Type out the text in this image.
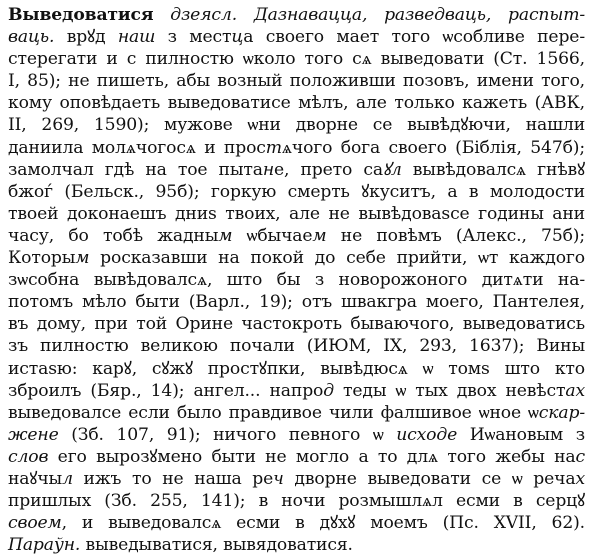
Выведоватися дзеясл. Дазнавацца, разведваць, распыт-
ваць. врꙋд наш з местца своего мает того ѡсобливе пере-
стерегати и с пилностю ѡколо того сѧ выведовати (Ст. 1566,
I, 85); не пишеть, абы возный положивши позовъ, имени того,
кому оповѣдаеть выведоватисе мѣлъ, але только кажеть (АВК,
II, 269, 1590); мужове ѡни дворне се вывѣдꙋючи, нашли
даниила молѧчогосѧ и простѧчого бога своего (Біблія, 547б);
замолчал гдѣ на тое пытане, прето саꙋл вывѣдовалсѧ гнѣвꙋ
бжоѓ (Бельск., 95б); горкую смерть ꙋкуситъ, а в молодости
твоей доконаешъ дниѕ твоих, але не вывѣдоваѕсе годины ани
часу, бо тобѣ жадным ѡбычаем не повѣмъ (Алекс., 75б);
Которым росказавши на покой до себе прийти, ѡт каждого
зѡсобна вывѣдовалсѧ, што бы з новорожоного дитѧти на-
потомъ мѣло быти (Варл., 19); отъ швакгра моего, Пантелея,
въ дому, при той Орине частокроть бываючого, выведоватись
зъ пилностю великою почали (ИЮМ, IX, 293, 1637); Вины
истаѕю: карꙋ, сꙋжꙋ простꙋпки, вывѣдюсѧ ѡ томѕ што кто
зброилъ (Бяр., 14); ангел... напрод теды ѡ тых двох невѣстах
выведовалсе если было правдивое чили фалшивое ѡное ѡскар-
жене (Зб. 107, 91); ничого певного ѡ исходе Иѡановым з
слов его вырозꙋмено быти не могло а то длѧ того жебы нас
наꙋчыл ижъ то не наша реч дворне выведовати се ѡ речах
пришлых (Зб. 255, 141); в ночи розмышлѧл есми в серцꙋ
своем, и выведовалсѧ есми в дꙋхꙋ моемъ (Пс. XVII, 62).
Параўн. выведыватися, вывядоватися.
